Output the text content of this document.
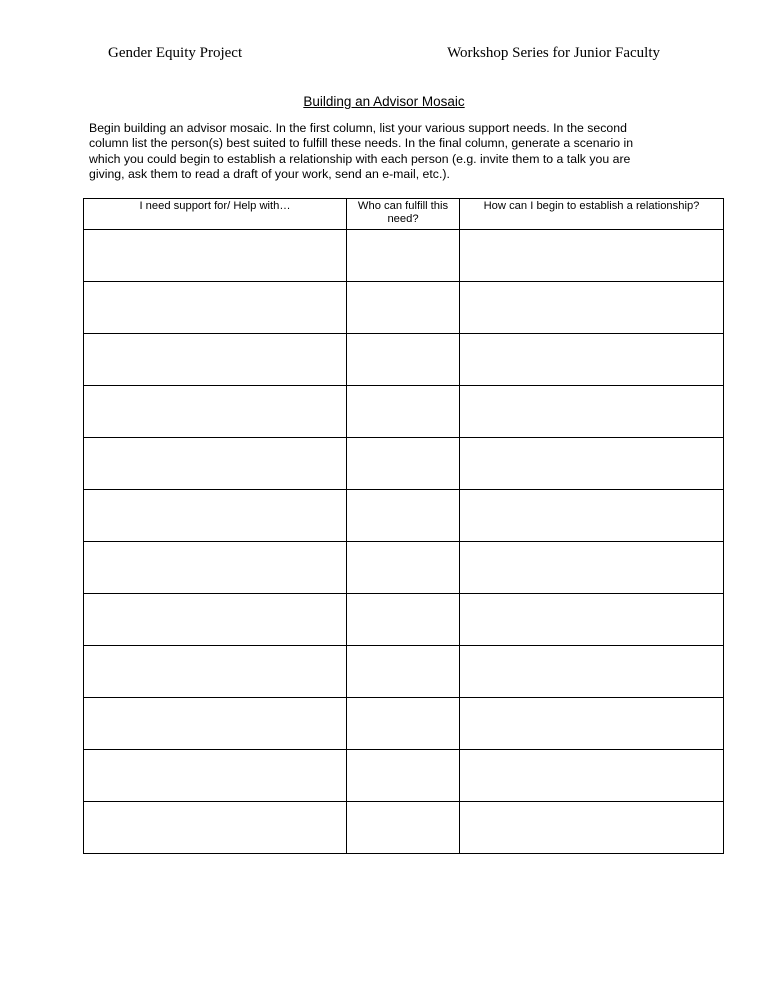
Gender Equity Project	Workshop Series for Junior Faculty
Building an Advisor Mosaic
Begin building an advisor mosaic. In the first column, list your various support needs. In the second column list the person(s) best suited to fulfill these needs. In the final column, generate a scenario in which you could begin to establish a relationship with each person (e.g. invite them to a talk you are giving, ask them to read a draft of your work, send an e-mail, etc.).
I need support for/ Help with…	Who can fulfill this need?	How can I begin to establish a relationship?
